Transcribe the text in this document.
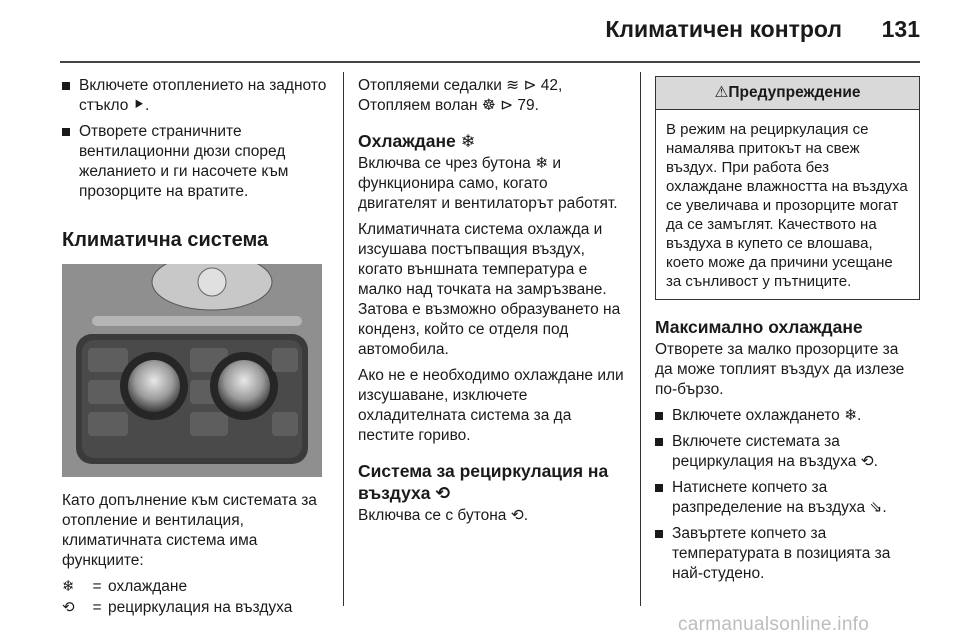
Климатичен контрол 131
Включете отоплението на задното стъкло ⯈.
Отворете страничните вентилационни дюзи според желанието и ги насочете към прозорците на вратите.
Климатична система

Като допълнение към системата за отопление и вентилация, климатичната система има функциите:

❄	= охлаждане
⟲	= рециркулация на въздуха
Отопляеми седалки ≋ ⊳ 42,
Отопляем волан ☸ ⊳ 79.
Охлаждане ❄

Включва се чрез бутона ❄ и функционира само, когато двигателят и вентилаторът работят.

Климатичната система охлажда и изсушава постъпващия въздух, когато външната температура е малко над точката на замръзване. Затова е възможно образуването на конденз, който се отделя под автомобила.

Ако не е необходимо охлаждане или изсушаване, изключете охладителната система за да пестите гориво.

Система за рециркулация на въздуха ⟲

Включва се с бутона ⟲.

⚠Предупреждение
В режим на рециркулация се намалява притокът на свеж въздух. При работа без охлаждане влажността на въздуха се увеличава и прозорците могат да се замъглят. Качеството на въздуха в купето се влошава, което може да причини усещане за сънливост у пътниците.
Максимално охлаждане

Отворете за малко прозорците за да може топлият въздух да излезе по-бързо.

Включете охлаждането ❄.
Включете системата за рециркулация на въздуха ⟲.
Натиснете копчето за разпределение на въздуха ⇘.
Завъртете копчето за температурата в позицията за най-студено.
carmanualsonline.info
